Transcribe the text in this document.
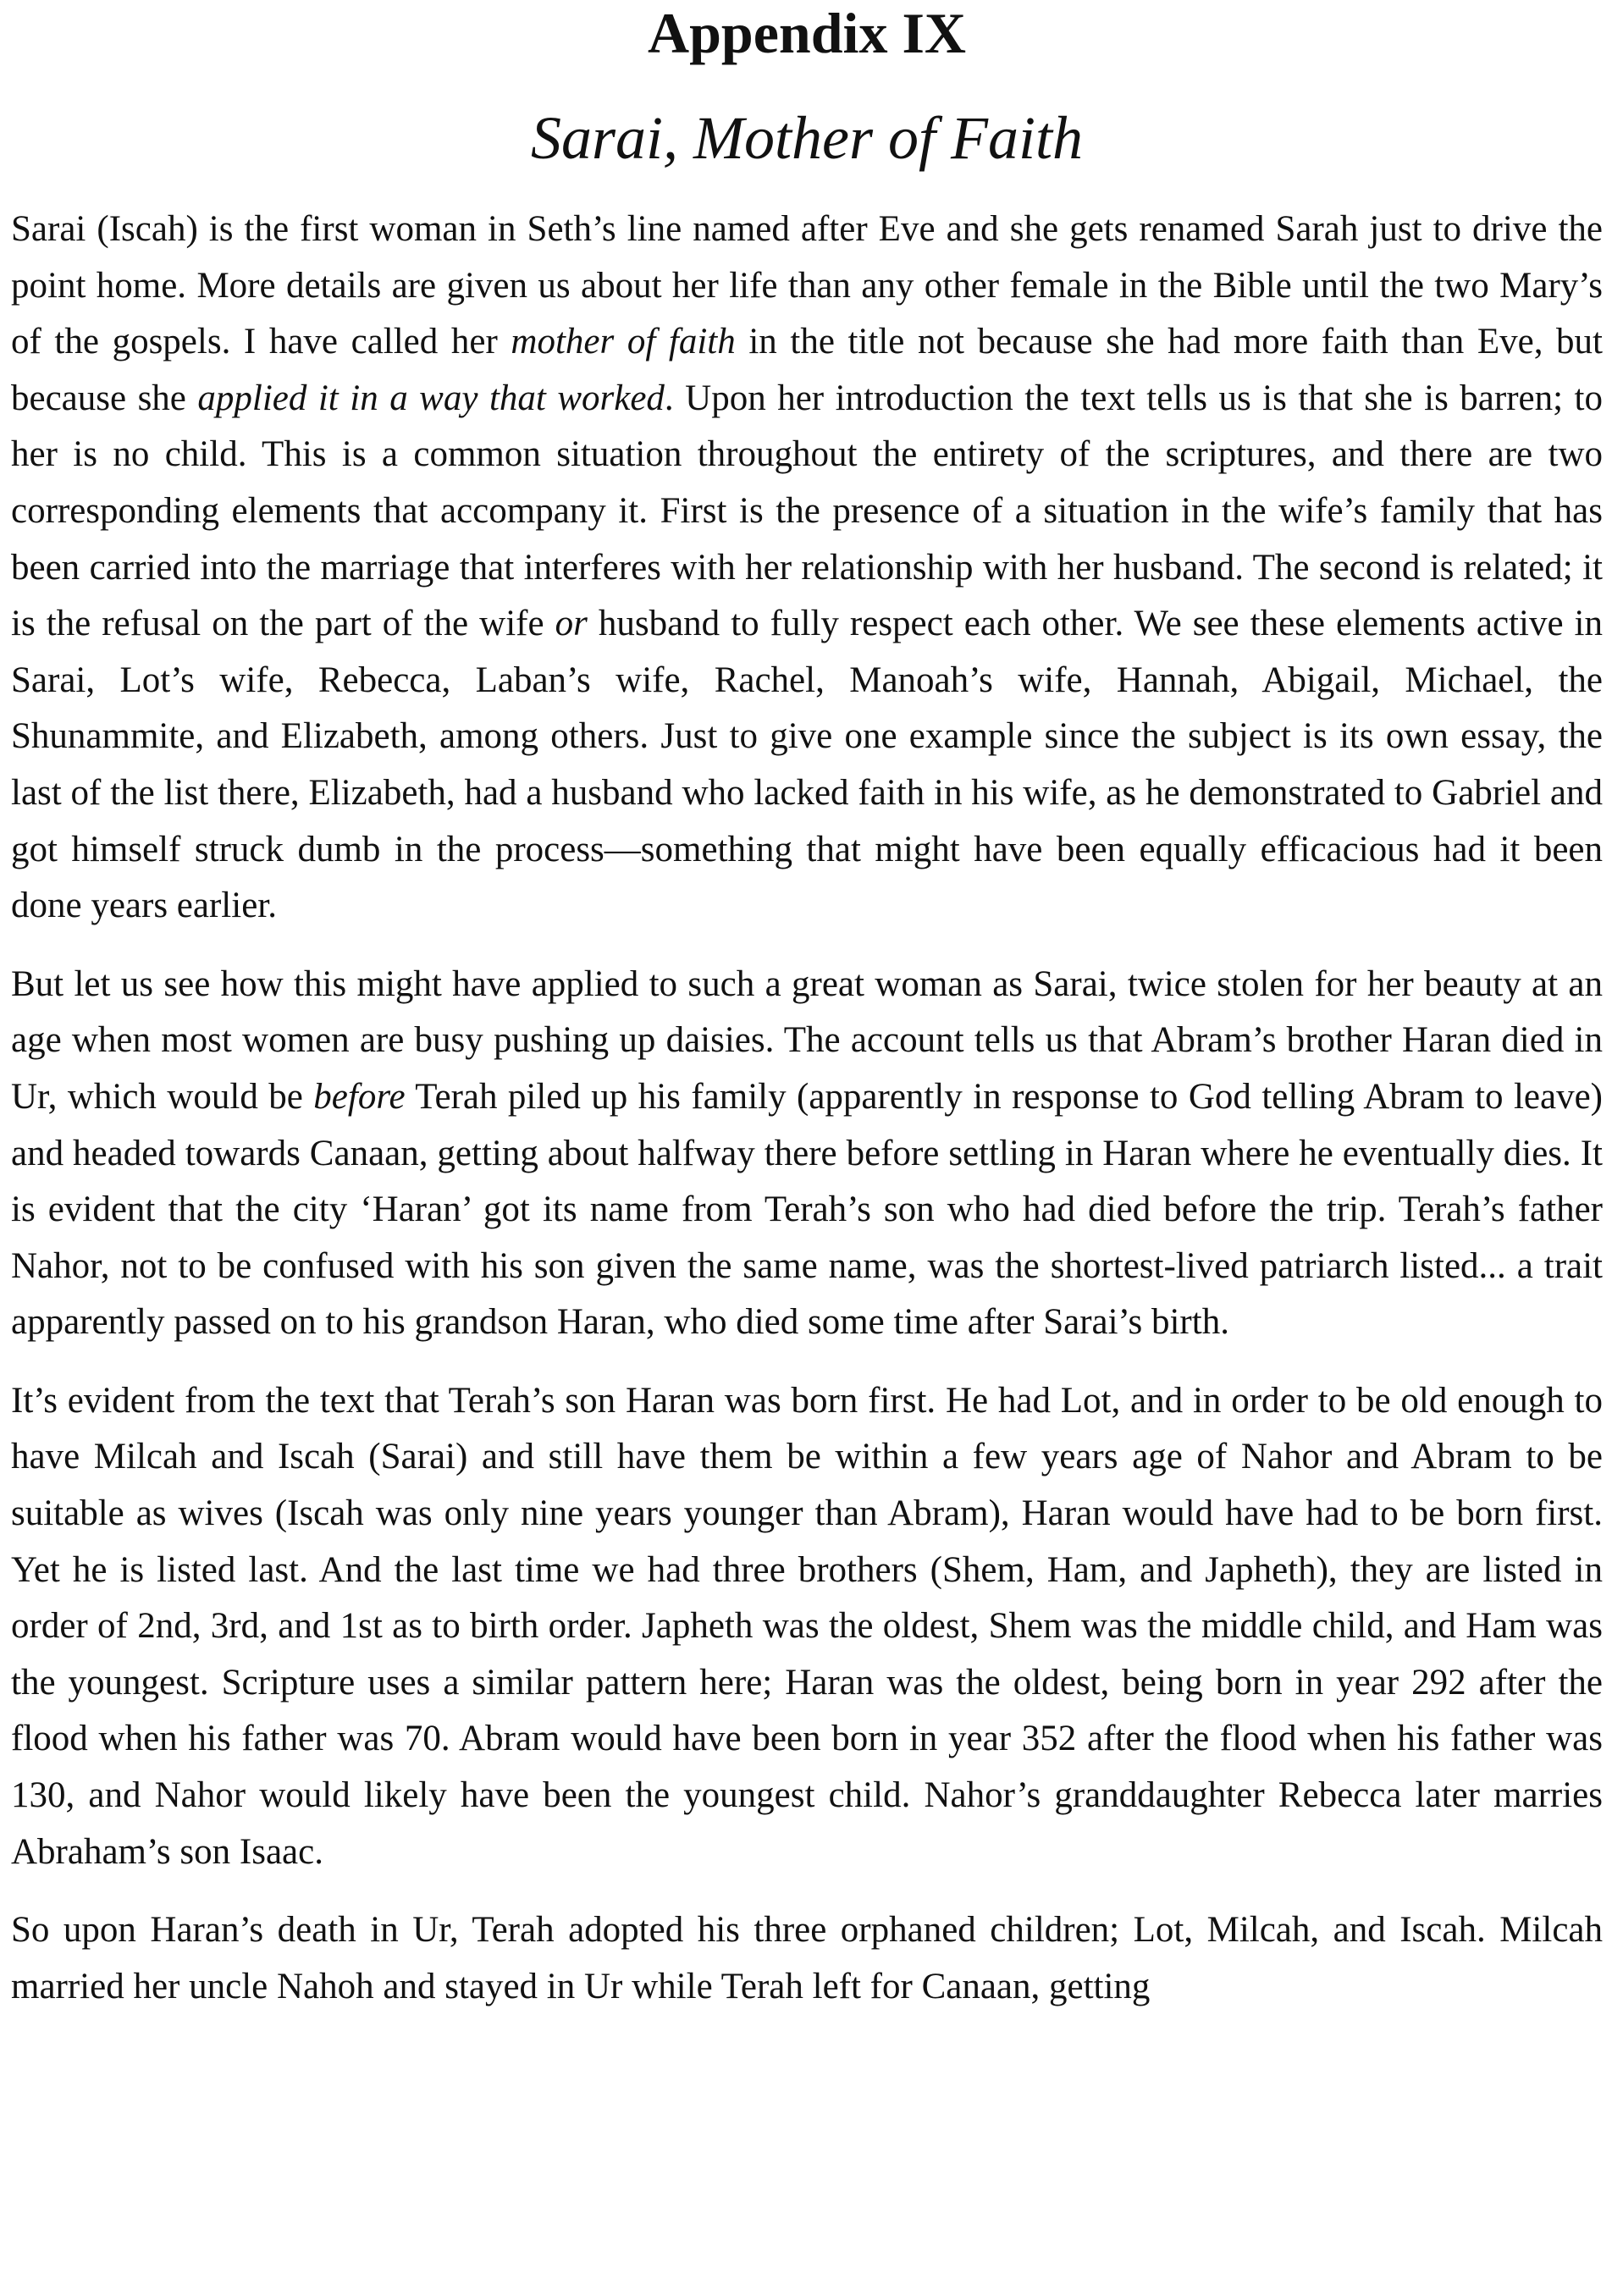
Appendix IX
Sarai, Mother of Faith

Sarai (Iscah) is the first woman in Seth’s line named after Eve and she gets renamed Sarah just to drive the point home. More details are given us about her life than any other female in the Bible until the two Mary’s of the gospels. I have called her mother of faith in the title not because she had more faith than Eve, but because she applied it in a way that worked. Upon her introduction the text tells us is that she is barren; to her is no child. This is a common situation throughout the entirety of the scriptures, and there are two corresponding elements that accompany it. First is the presence of a situation in the wife’s family that has been carried into the marriage that interferes with her relationship with her husband. The second is related; it is the refusal on the part of the wife or husband to fully respect each other. We see these elements active in Sarai, Lot’s wife, Rebecca, Laban’s wife, Rachel, Manoah’s wife, Hannah, Abigail, Michael, the Shunammite, and Elizabeth, among others. Just to give one example since the subject is its own essay, the last of the list there, Elizabeth, had a husband who lacked faith in his wife, as he demonstrated to Gabriel and got himself struck dumb in the process—something that might have been equally efficacious had it been done years earlier.

But let us see how this might have applied to such a great woman as Sarai, twice stolen for her beauty at an age when most women are busy pushing up daisies. The account tells us that Abram’s brother Haran died in Ur, which would be before Terah piled up his family (apparently in response to God telling Abram to leave) and headed towards Canaan, getting about halfway there before settling in Haran where he eventually dies. It is evident that the city ‘Haran’ got its name from Terah’s son who had died before the trip. Terah’s father Nahor, not to be confused with his son given the same name, was the shortest-lived patriarch listed... a trait apparently passed on to his grandson Haran, who died some time after Sarai’s birth.

It’s evident from the text that Terah’s son Haran was born first. He had Lot, and in order to be old enough to have Milcah and Iscah (Sarai) and still have them be within a few years age of Nahor and Abram to be suitable as wives (Iscah was only nine years younger than Abram), Haran would have had to be born first. Yet he is listed last. And the last time we had three brothers (Shem, Ham, and Japheth), they are listed in order of 2nd, 3rd, and 1st as to birth order. Japheth was the oldest, Shem was the middle child, and Ham was the youngest. Scripture uses a similar pattern here; Haran was the oldest, being born in year 292 after the flood when his father was 70. Abram would have been born in year 352 after the flood when his father was 130, and Nahor would likely have been the youngest child. Nahor’s granddaughter Rebecca later marries Abraham’s son Isaac.

So upon Haran’s death in Ur, Terah adopted his three orphaned children; Lot, Milcah, and Iscah. Milcah married her uncle Nahoh and stayed in Ur while Terah left for Canaan, getting
